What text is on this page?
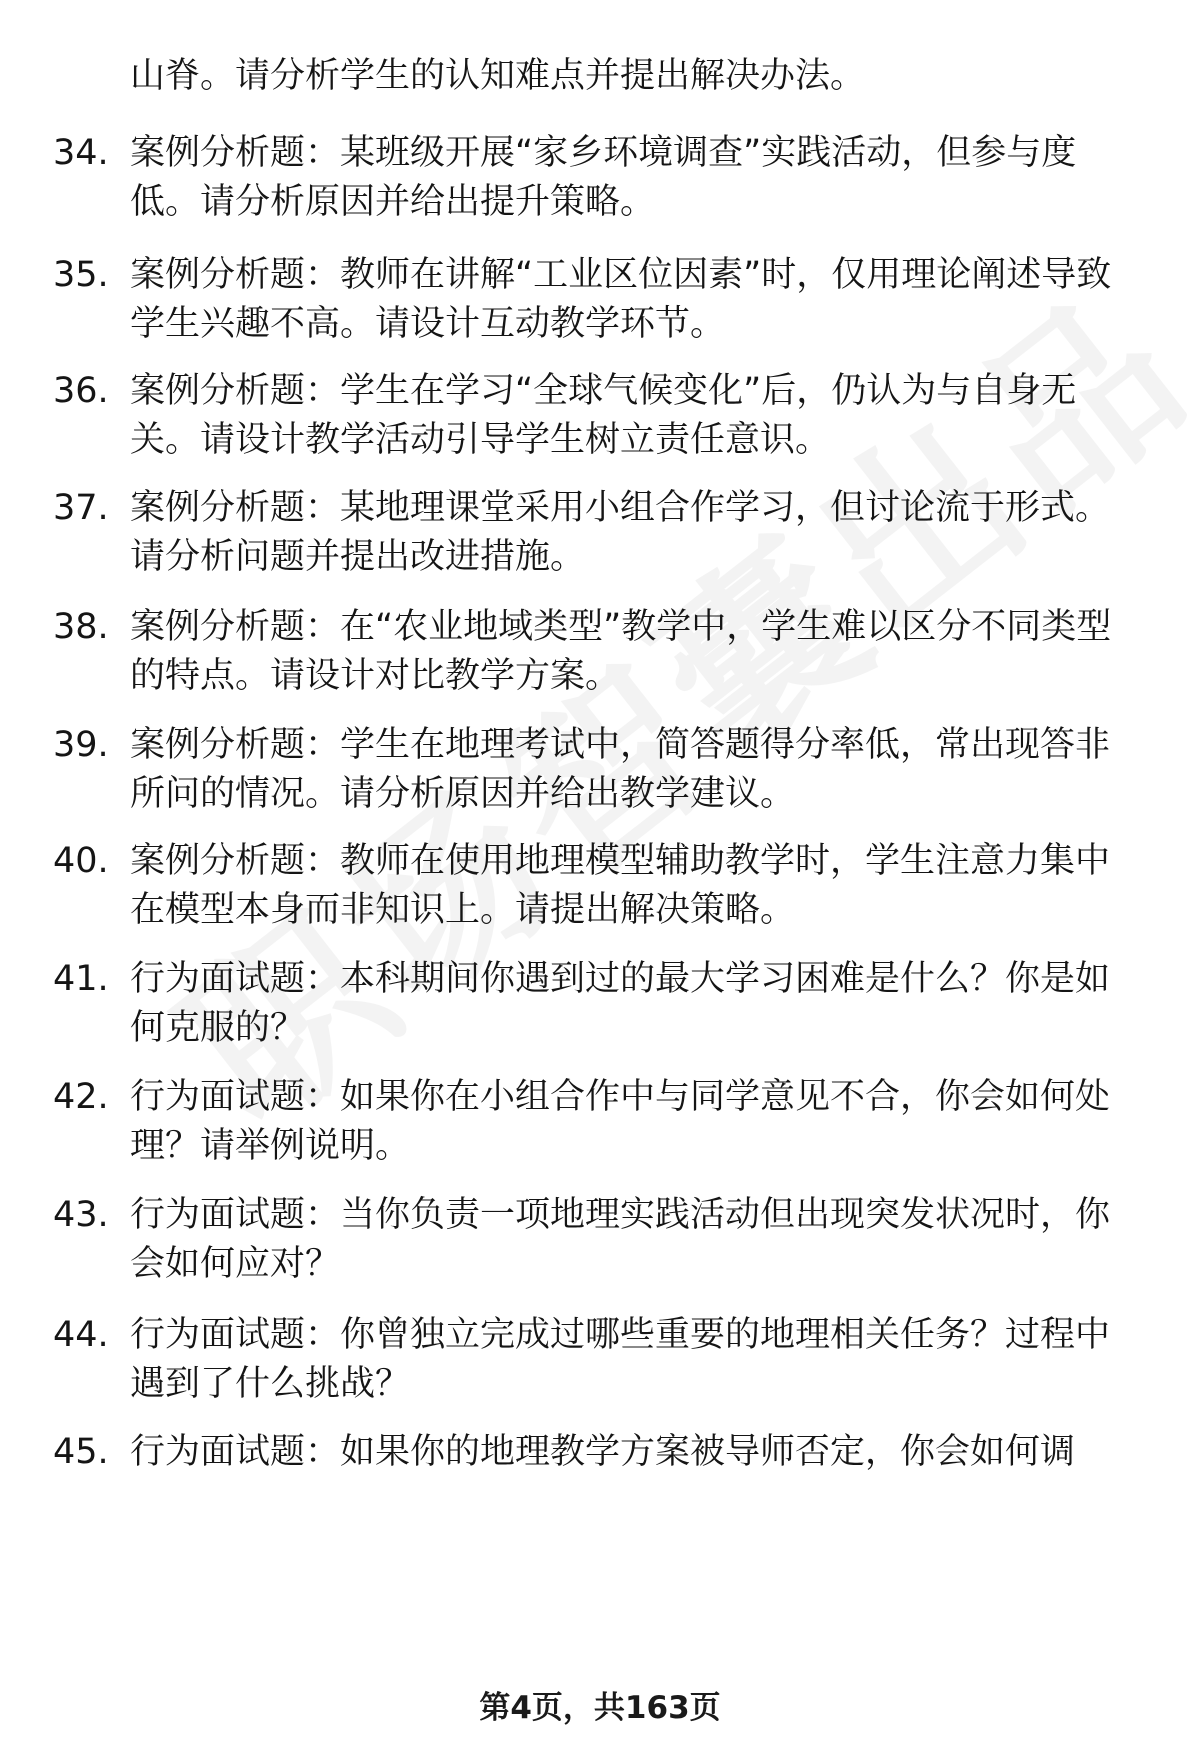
山脊。请分析学生的认知难点并提出解决办法。
34. 案例分析题：某班级开展“家乡环境调查”实践活动，但参与度低。请分析原因并给出提升策略。
35. 案例分析题：教师在讲解“工业区位因素”时，仅用理论阐述导致学生兴趣不高。请设计互动教学环节。
36. 案例分析题：学生在学习“全球气候变化”后，仍认为与自身无关。请设计教学活动引导学生树立责任意识。
37. 案例分析题：某地理课堂采用小组合作学习，但讨论流于形式。请分析问题并提出改进措施。
38. 案例分析题：在“农业地域类型”教学中，学生难以区分不同类型的特点。请设计对比教学方案。
39. 案例分析题：学生在地理考试中，简答题得分率低，常出现答非所问的情况。请分析原因并给出教学建议。
40. 案例分析题：教师在使用地理模型辅助教学时，学生注意力集中在模型本身而非知识上。请提出解决策略。
41. 行为面试题：本科期间你遇到过的最大学习困难是什么？你是如何克服的？
42. 行为面试题：如果你在小组合作中与同学意见不合，你会如何处理？请举例说明。
43. 行为面试题：当你负责一项地理实践活动但出现突发状况时，你会如何应对？
44. 行为面试题：你曾独立完成过哪些重要的地理相关任务？过程中遇到了什么挑战？
45. 行为面试题：如果你的地理教学方案被导师否定，你会如何调
第4页，共163页
